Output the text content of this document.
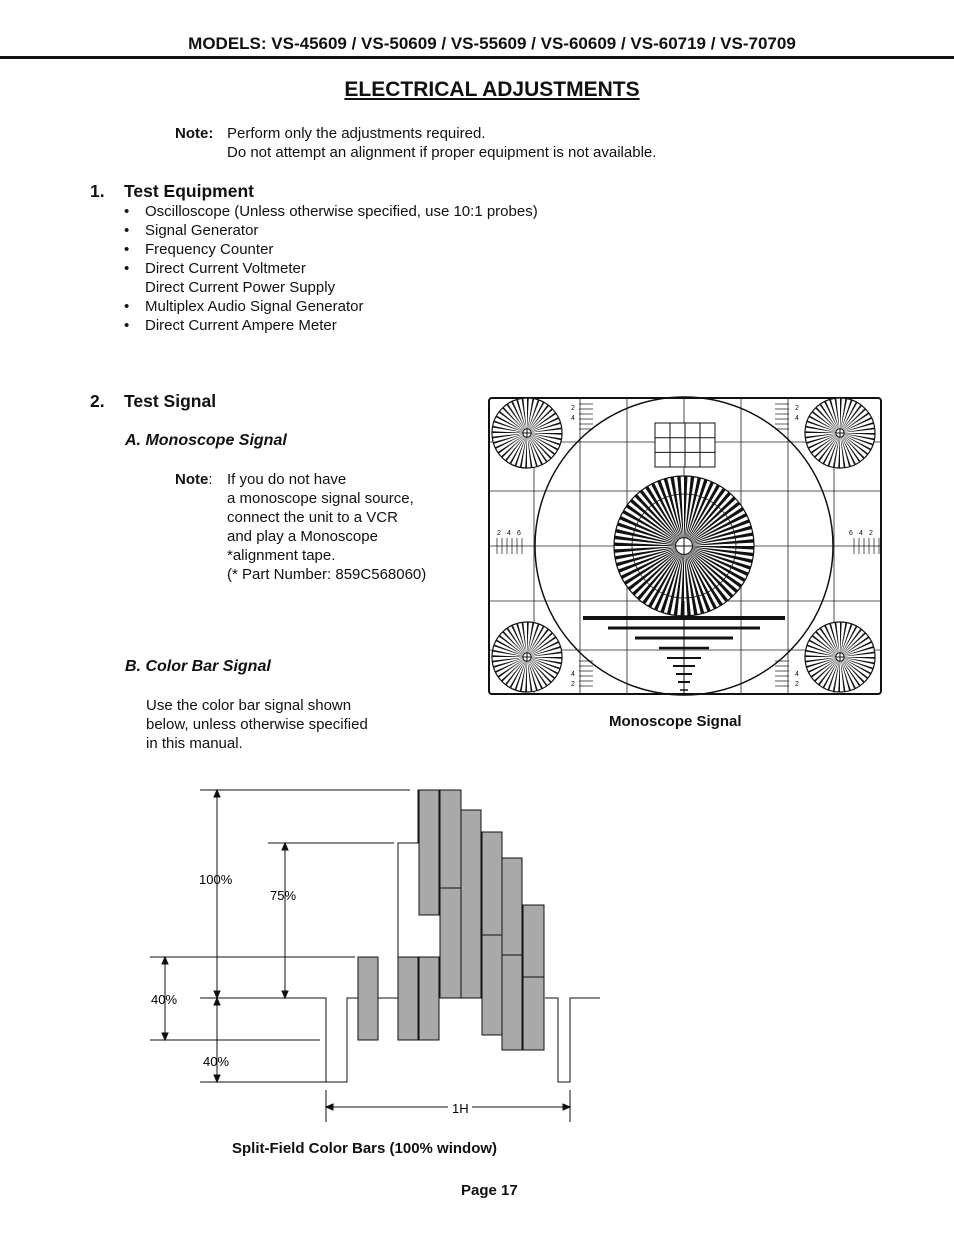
MODELS: VS-45609 / VS-50609 / VS-55609 / VS-60609 / VS-60719 / VS-70709
ELECTRICAL ADJUSTMENTS
Note: Perform only the adjustments required.
Do not attempt an alignment if proper equipment is not available.
1. Test Equipment
• Oscilloscope (Unless otherwise specified, use 10:1 probes)
• Signal Generator
• Frequency Counter
• Direct Current Voltmeter
Direct Current Power Supply
• Multiplex Audio Signal Generator
• Direct Current Ampere Meter
2. Test Signal
A. Monoscope Signal
Note: If you do not have
a monoscope signal source,
connect the unit to a VCR
and play a Monoscope
*alignment tape.
(* Part Number: 859C568060)
B. Color Bar Signal
Use the color bar signal shown
below, unless otherwise specified
in this manual.
2 4 6	6 4 2
2
4
2
4
4
2
4
2
Monoscope Signal
100%
75%
40%
40%
1H
Split-Field Color Bars (100% window)
Page 17
